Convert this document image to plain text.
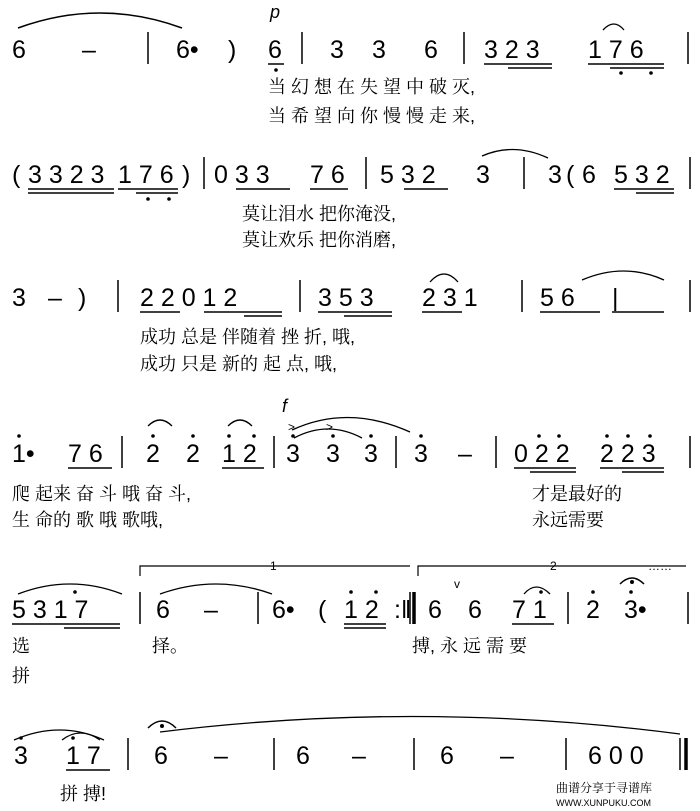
6 –	6• )
p
6 3 3 6 3 2 3 1 7 6
当 幻 想 在 失 望 中 破 灭,
当 希 望 向 你 慢 慢 走 来,
( 3 3 2 3 1 7 6 ) 0 3 3 7 6 5 3 2 3 3 ( 6 5 3 2
莫让泪水 把你淹没,
莫让欢乐 把你消磨,
3 – ) 2 2 0 1 2	3 5 3 2 3 1 5 6 |
成功 总是 伴随着 挫 折, 哦,
成功 只是 新的 起 点, 哦,
f
>	>
1• 7 6 2 2 1 2 3 3 3 3 – 0 2 2 2 2 3
爬 起来 奋 斗 哦 奋 斗,	才是最好的
生 命的 歌 哦 歌哦,	永远需要
1	2	……
5 3 1 7	6 – 6• ( 1 2 :‖
v
6 6 7 1 2 3•
选	择。	搏, 永 远 需 要
拼
3 1 7 6 –	6 –	6 –	6 0 0
拼 搏!	曲谱分享于寻谱库
WWW.XUNPUKU.COM
